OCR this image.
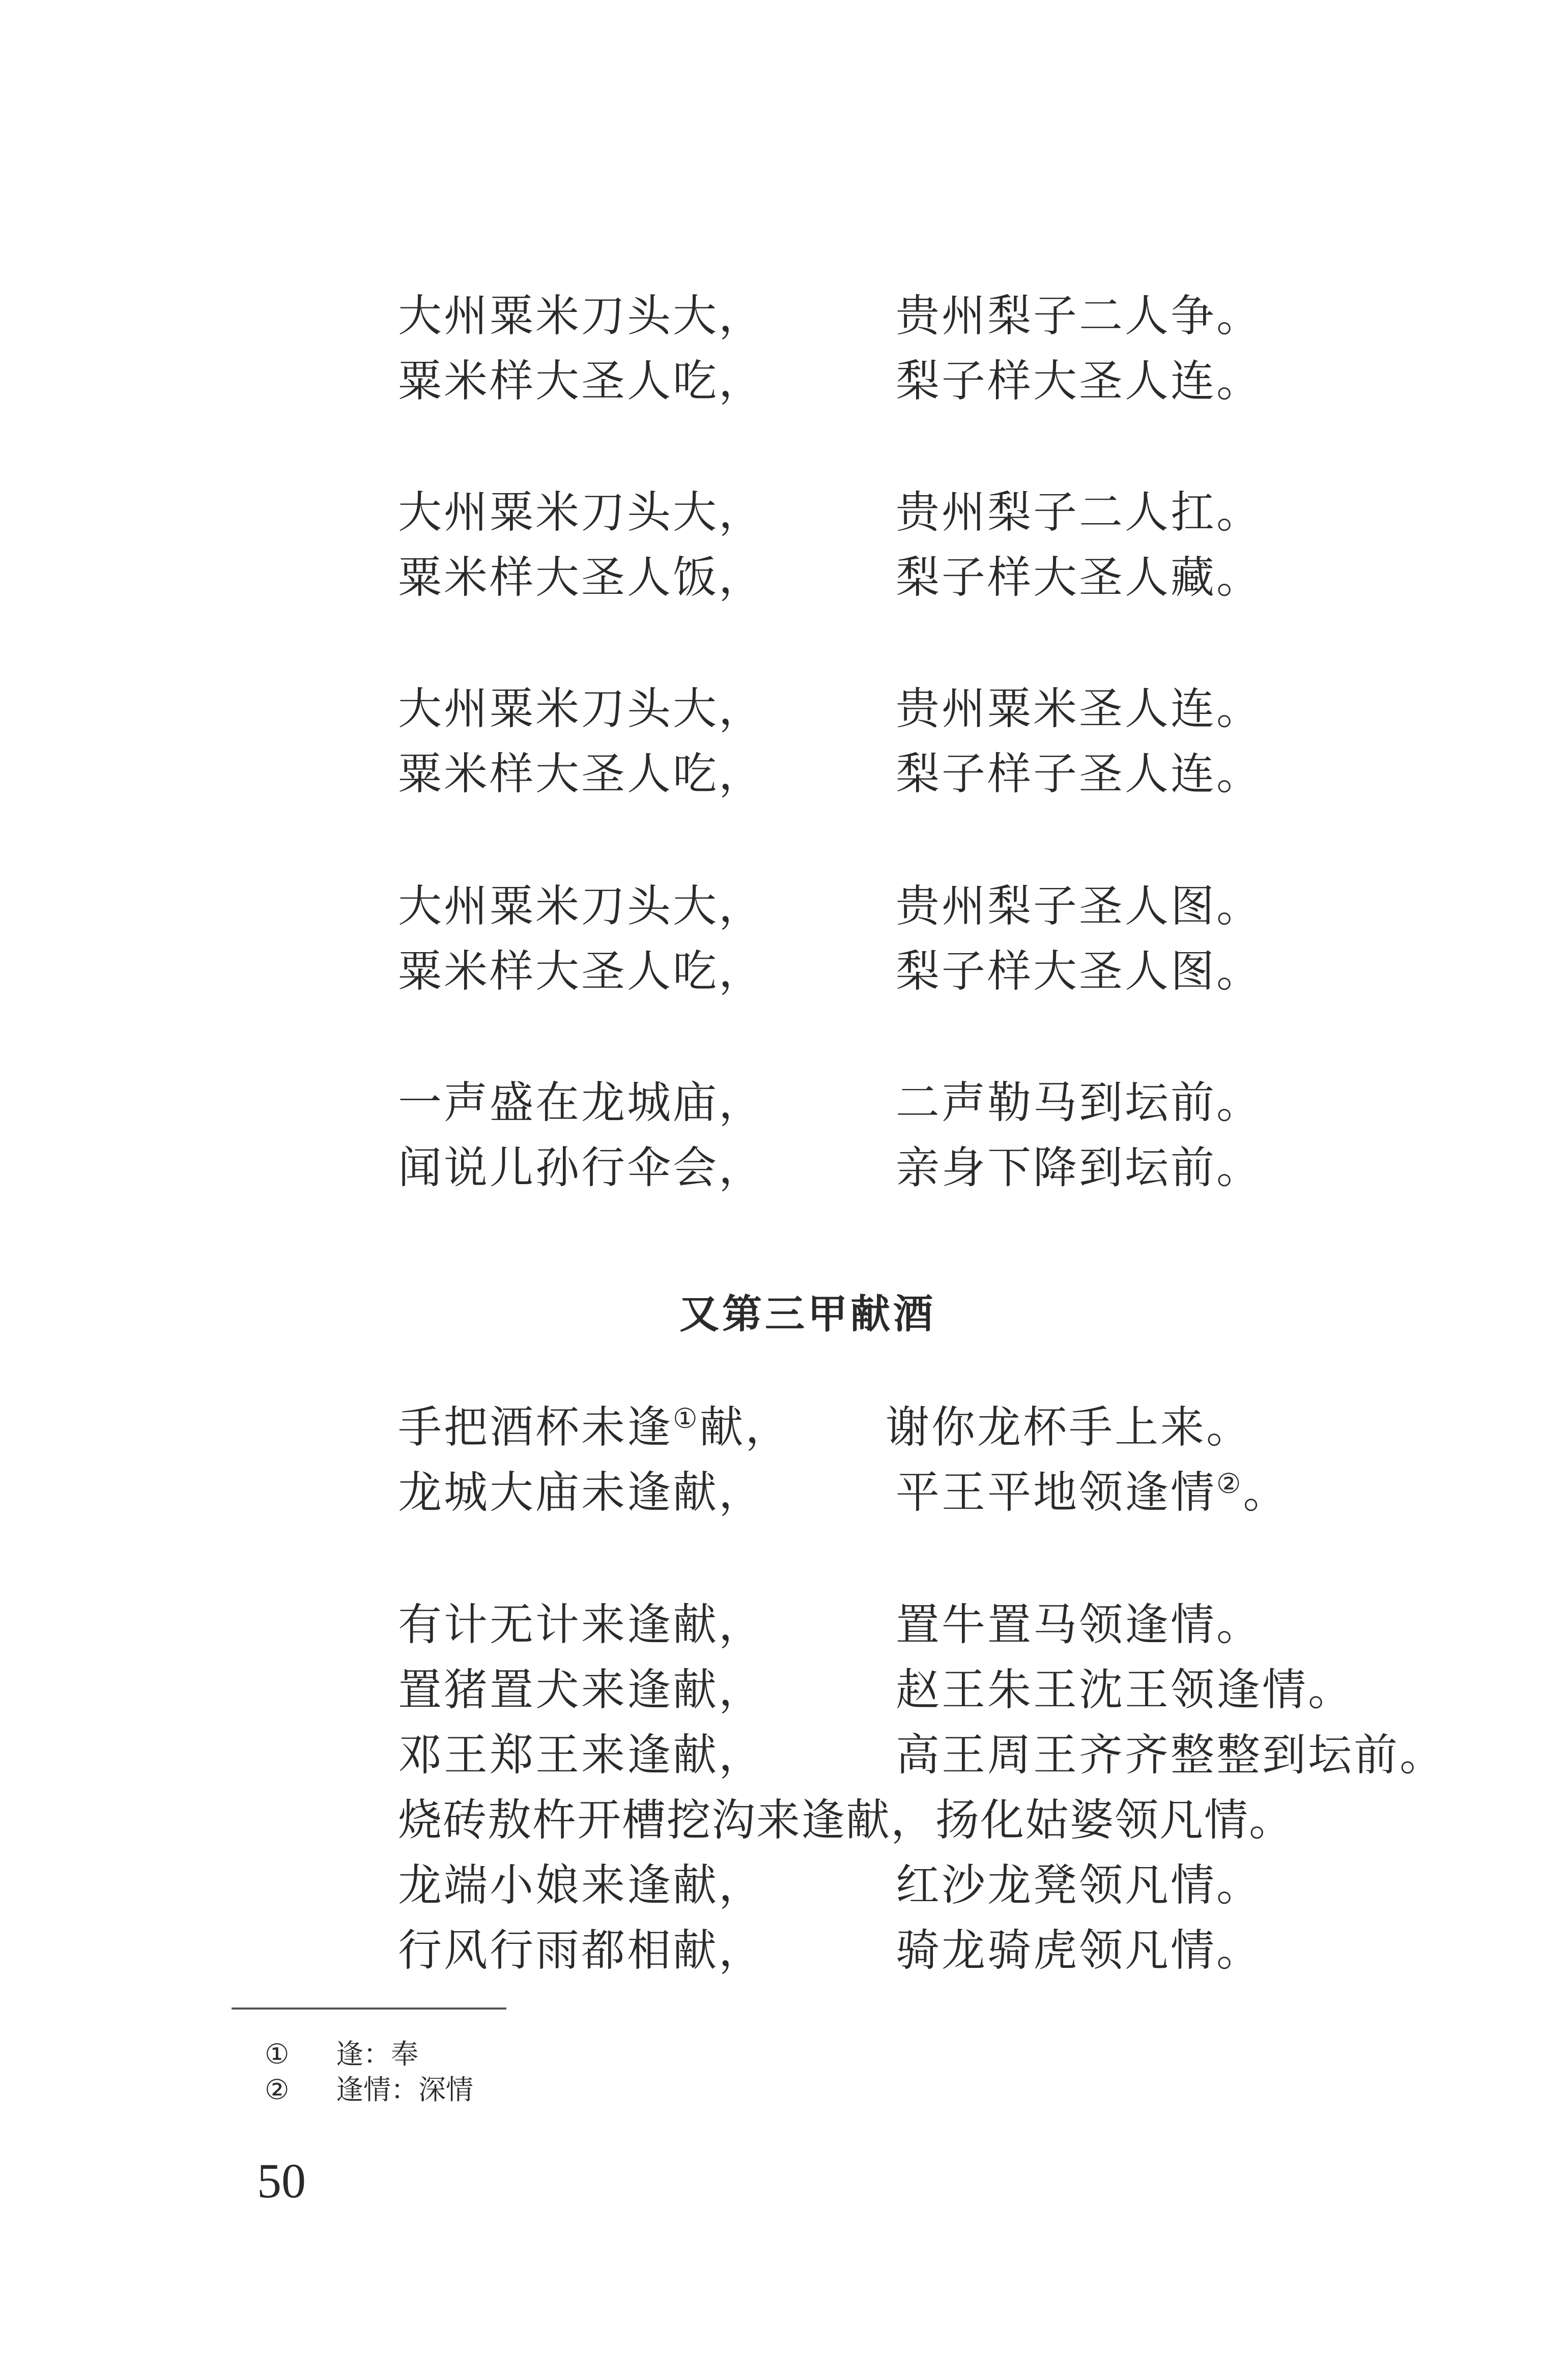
大州粟米刀头大，	贵州梨子二人争。
粟米样大圣人吃，	梨子样大圣人连。
大州粟米刀头大，	贵州梨子二人扛。
粟米样大圣人饭，	梨子样大圣人藏。
大州粟米刀头大，	贵州粟米圣人连。
粟米样大圣人吃，	梨子样子圣人连。
大州粟米刀头大，	贵州梨子圣人图。
粟米样大圣人吃，	梨子样大圣人图。
一声盛在龙城庙，	二声勒马到坛前。
闻说儿孙行伞会，	亲身下降到坛前。
又第三甲献酒
手把酒杯未逢①献， 谢你龙杯手上来。
龙城大庙未逢献，	平王平地领逢情②。
有计无计来逢献，	置牛置马领逢情。
置猪置犬来逢献，	赵王朱王沈王领逢情。
邓王郑王来逢献，	高王周王齐齐整整到坛前。
烧砖敖杵开槽挖沟来逢献，扬化姑婆领凡情。
龙端小娘来逢献，	红沙龙凳领凡情。
行风行雨都相献，	骑龙骑虎领凡情。
① 逢：奉
② 逢情：深情
50
